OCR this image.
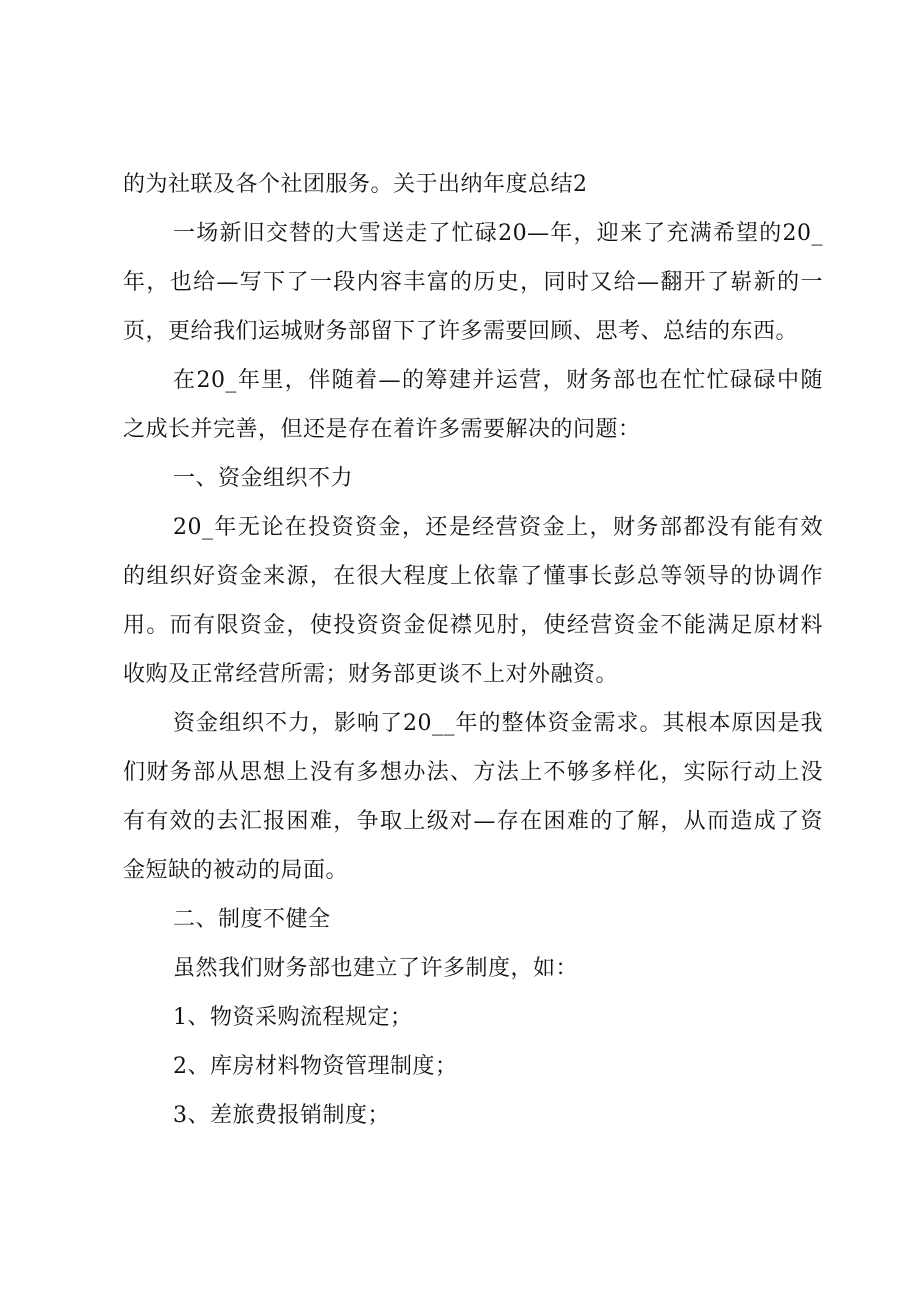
的为社联及各个社团服务。关于出纳年度总结2
一场新旧交替的大雪送走了忙碌20—年，迎来了充满希望的20_
年，也给—写下了一段内容丰富的历史，同时又给—翻开了崭新的一
页，更给我们运城财务部留下了许多需要回顾、思考、总结的东西。
在20_年里，伴随着—的筹建并运营，财务部也在忙忙碌碌中随
之成长并完善，但还是存在着许多需要解决的问题：
一、资金组织不力
20_年无论在投资资金，还是经营资金上，财务部都没有能有效
的组织好资金来源，在很大程度上依靠了懂事长彭总等领导的协调作
用。而有限资金，使投资资金促襟见肘，使经营资金不能满足原材料
收购及正常经营所需；财务部更谈不上对外融资。
资金组织不力，影响了20__年的整体资金需求。其根本原因是我
们财务部从思想上没有多想办法、方法上不够多样化，实际行动上没
有有效的去汇报困难，争取上级对—存在困难的了解，从而造成了资
金短缺的被动的局面。
二、制度不健全
虽然我们财务部也建立了许多制度，如：
1、物资采购流程规定；
2、库房材料物资管理制度；
3、差旅费报销制度；
